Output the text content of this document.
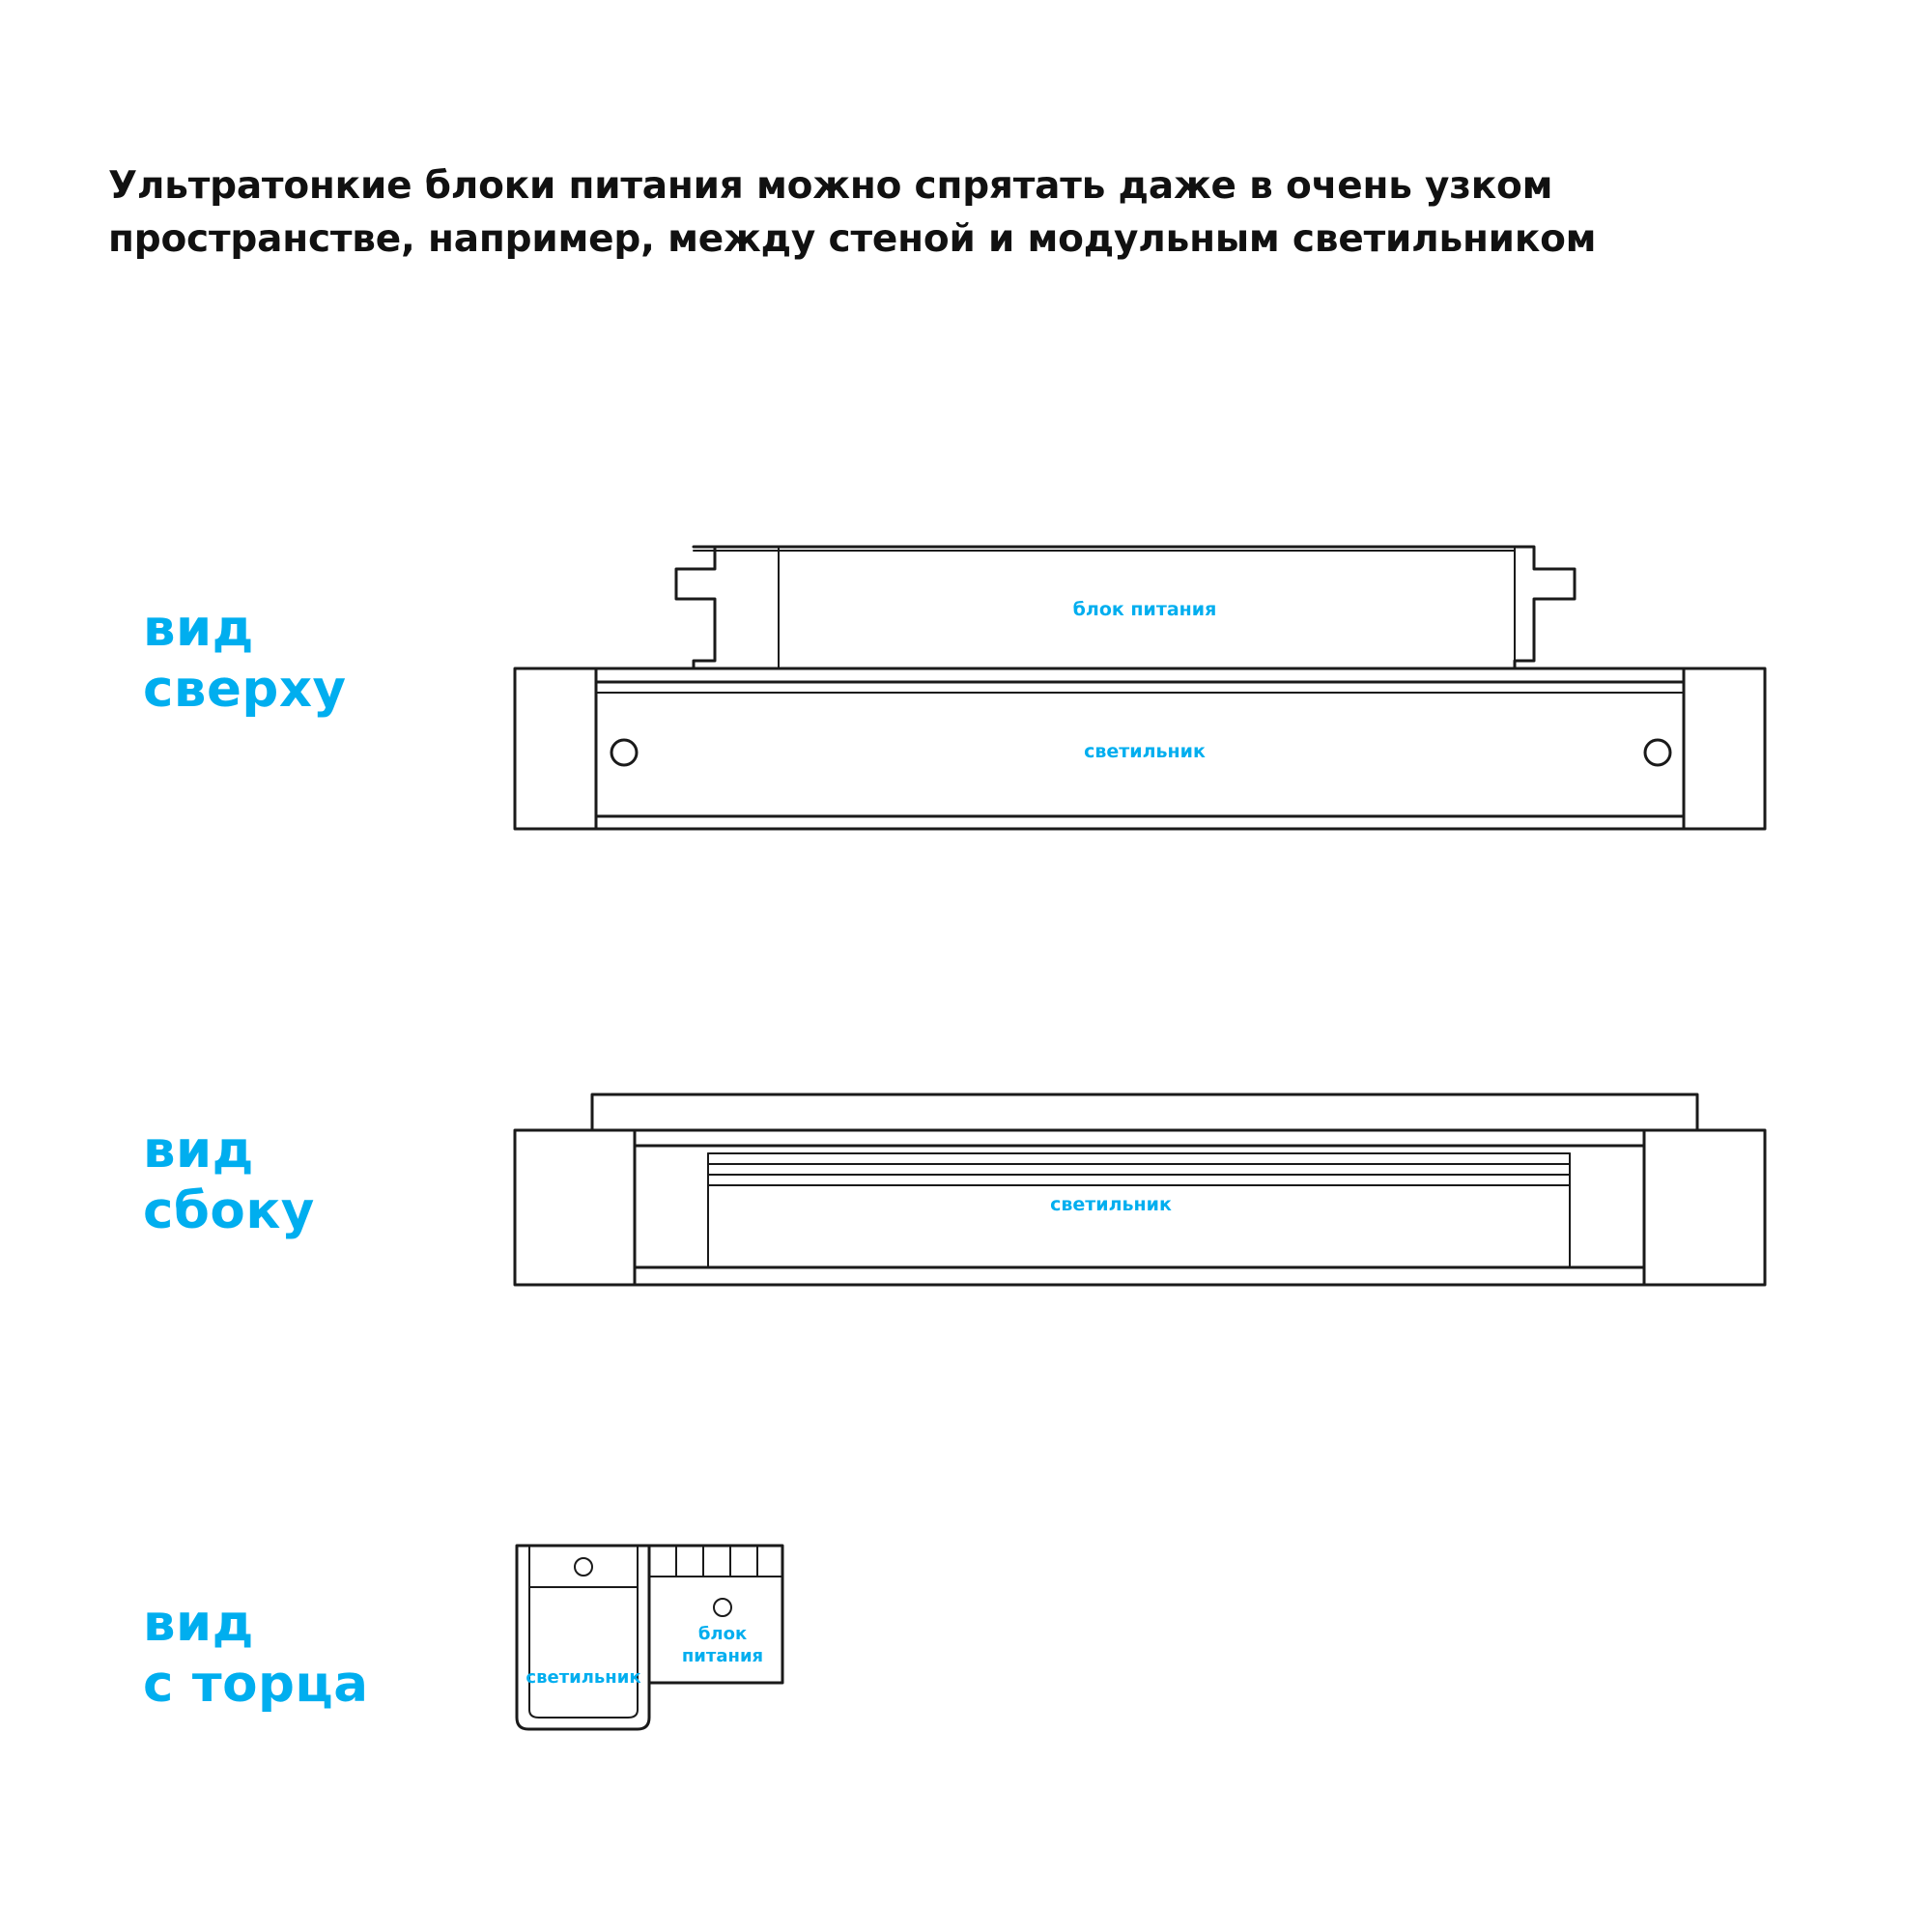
Ультратонкие блоки питания можно спрятать даже в очень узком пространстве, например, между стеной и модульным светильником
вид
сверху
вид
сбоку
вид
с торца
блок питания
светильник
светильник
светильник
блок
питания
